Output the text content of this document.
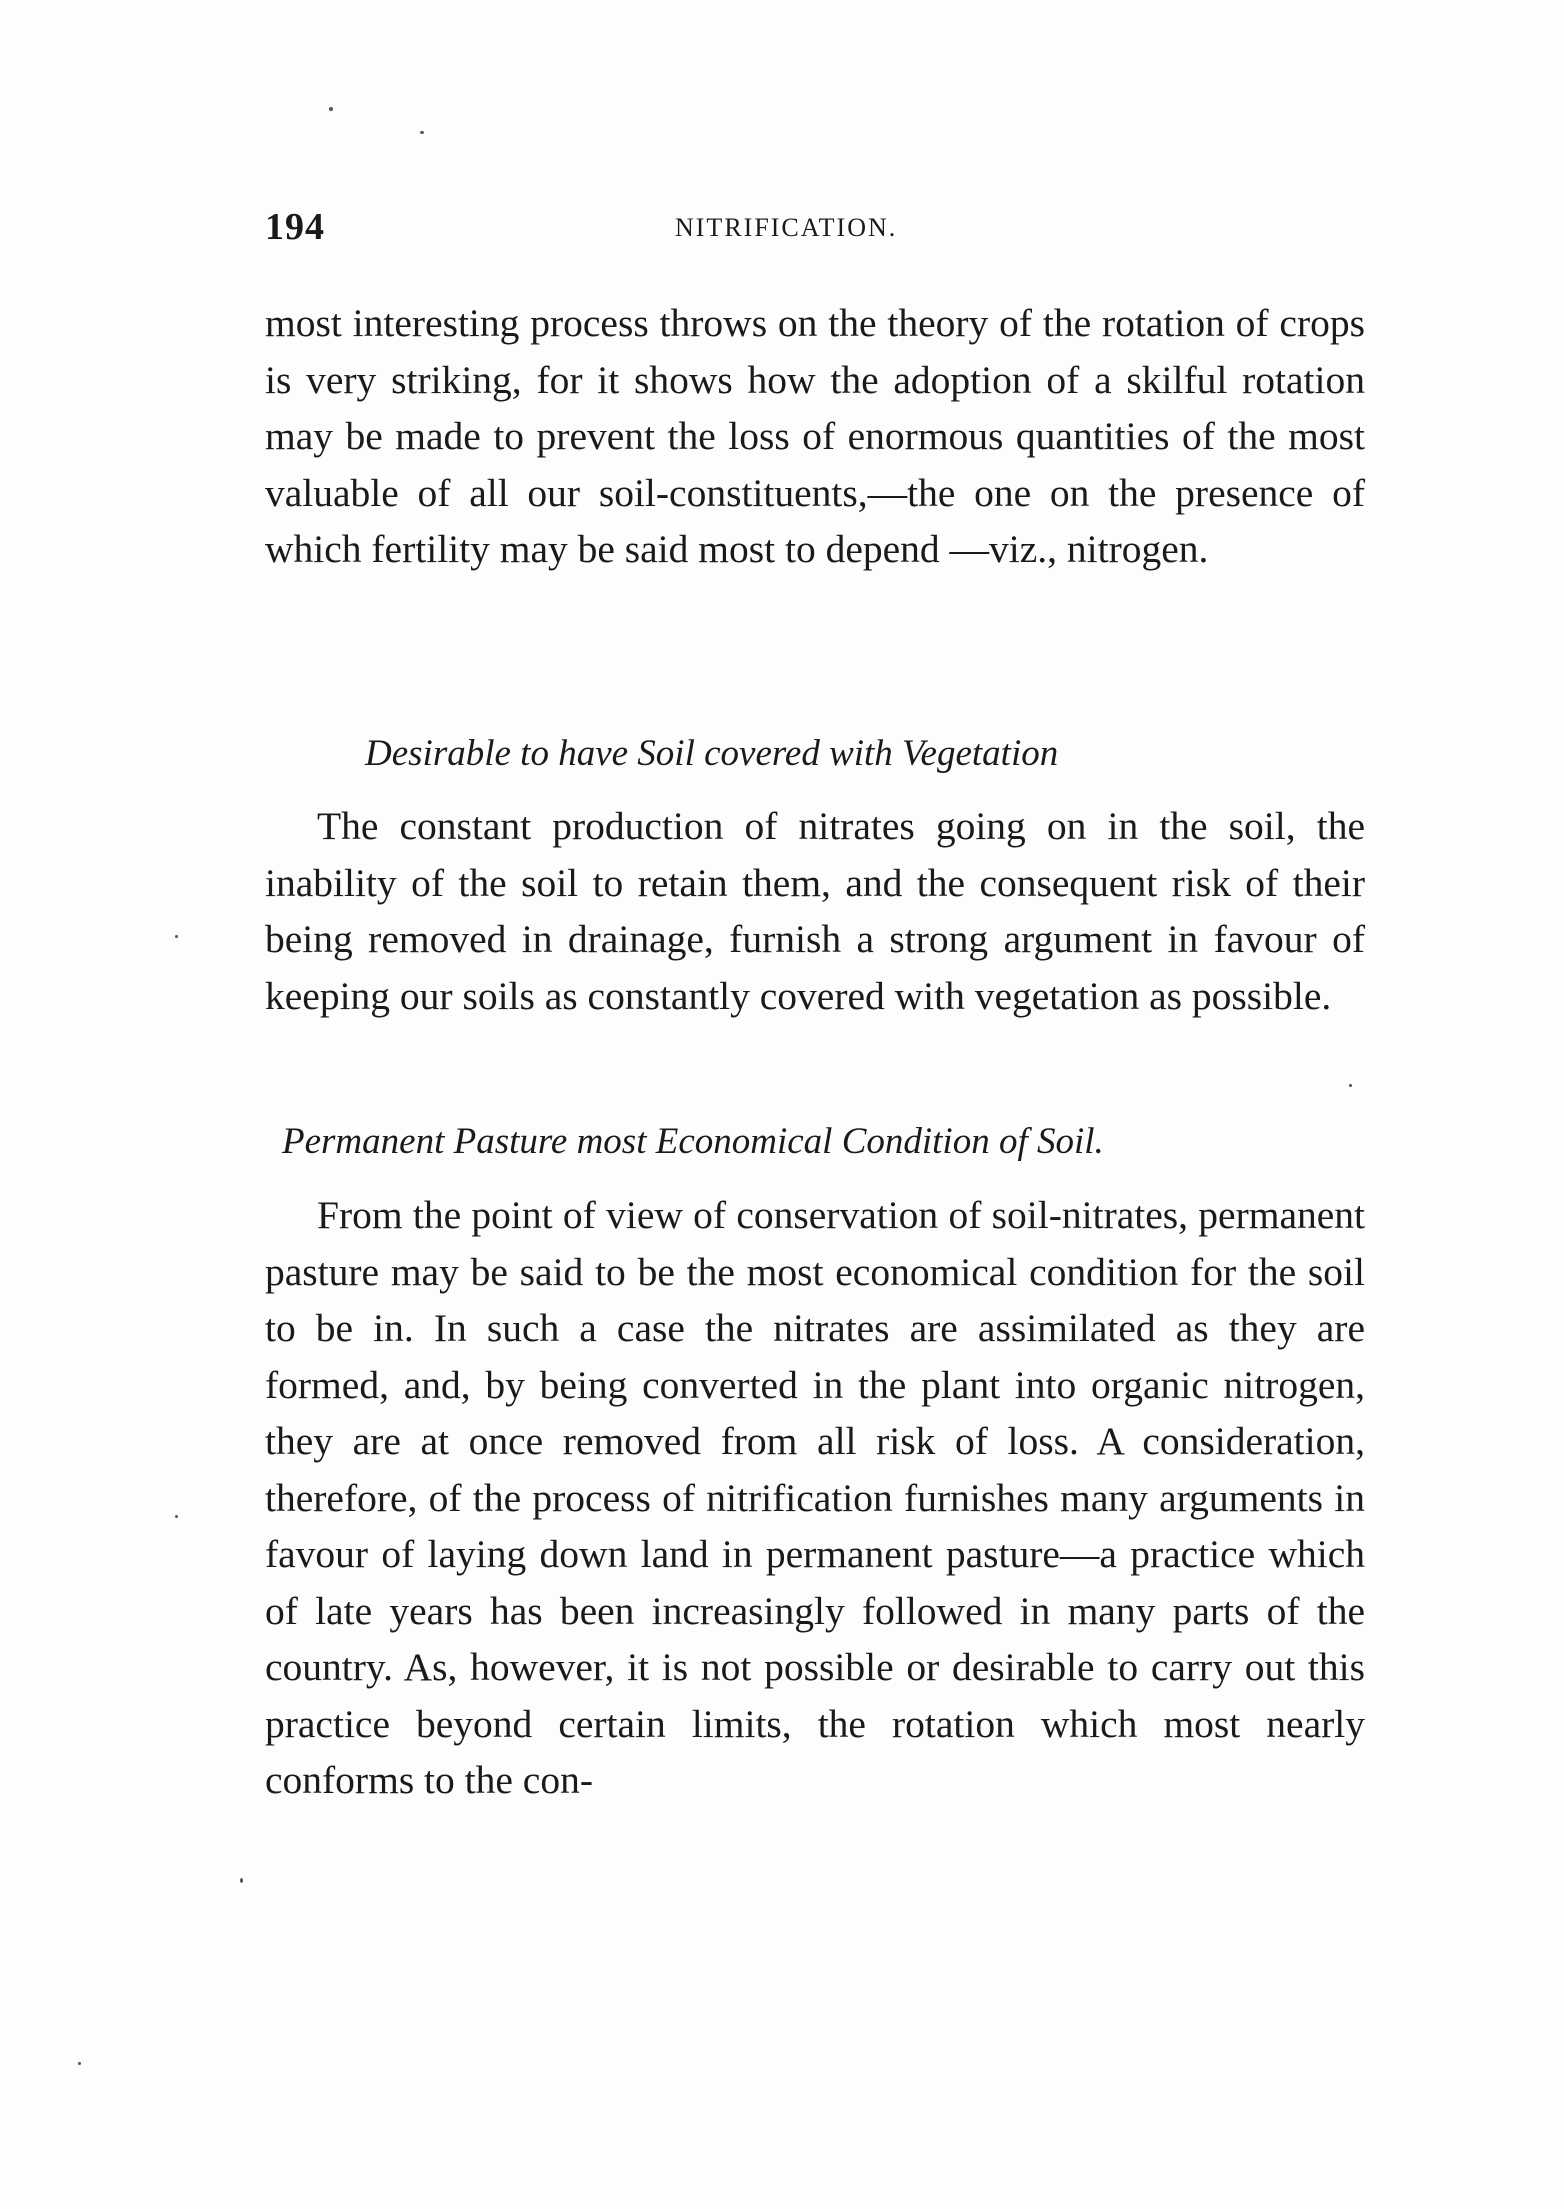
194	NITRIFICATION.

most interesting process throws on the theory of the rotation of crops is very striking, for it shows how the adoption of a skilful rotation may be made to prevent the loss of enormous quantities of the most valuable of all our soil-constituents,—the one on the presence of which fertility may be said most to depend —viz., nitrogen.

Desirable to have Soil covered with Vegetation

The constant production of nitrates going on in the soil, the inability of the soil to retain them, and the consequent risk of their being removed in drainage, furnish a strong argument in favour of keeping our soils as constantly covered with vegetation as possible.

Permanent Pasture most Economical Condition of Soil.

From the point of view of conservation of soil-nitrates, permanent pasture may be said to be the most economical condition for the soil to be in. In such a case the nitrates are assimilated as they are formed, and, by being converted in the plant into organic nitrogen, they are at once removed from all risk of loss. A consideration, therefore, of the process of nitrification furnishes many arguments in favour of laying down land in permanent pasture—a practice which of late years has been increasingly followed in many parts of the country. As, however, it is not possible or desirable to carry out this practice beyond certain limits, the rotation which most nearly conforms to the con-
